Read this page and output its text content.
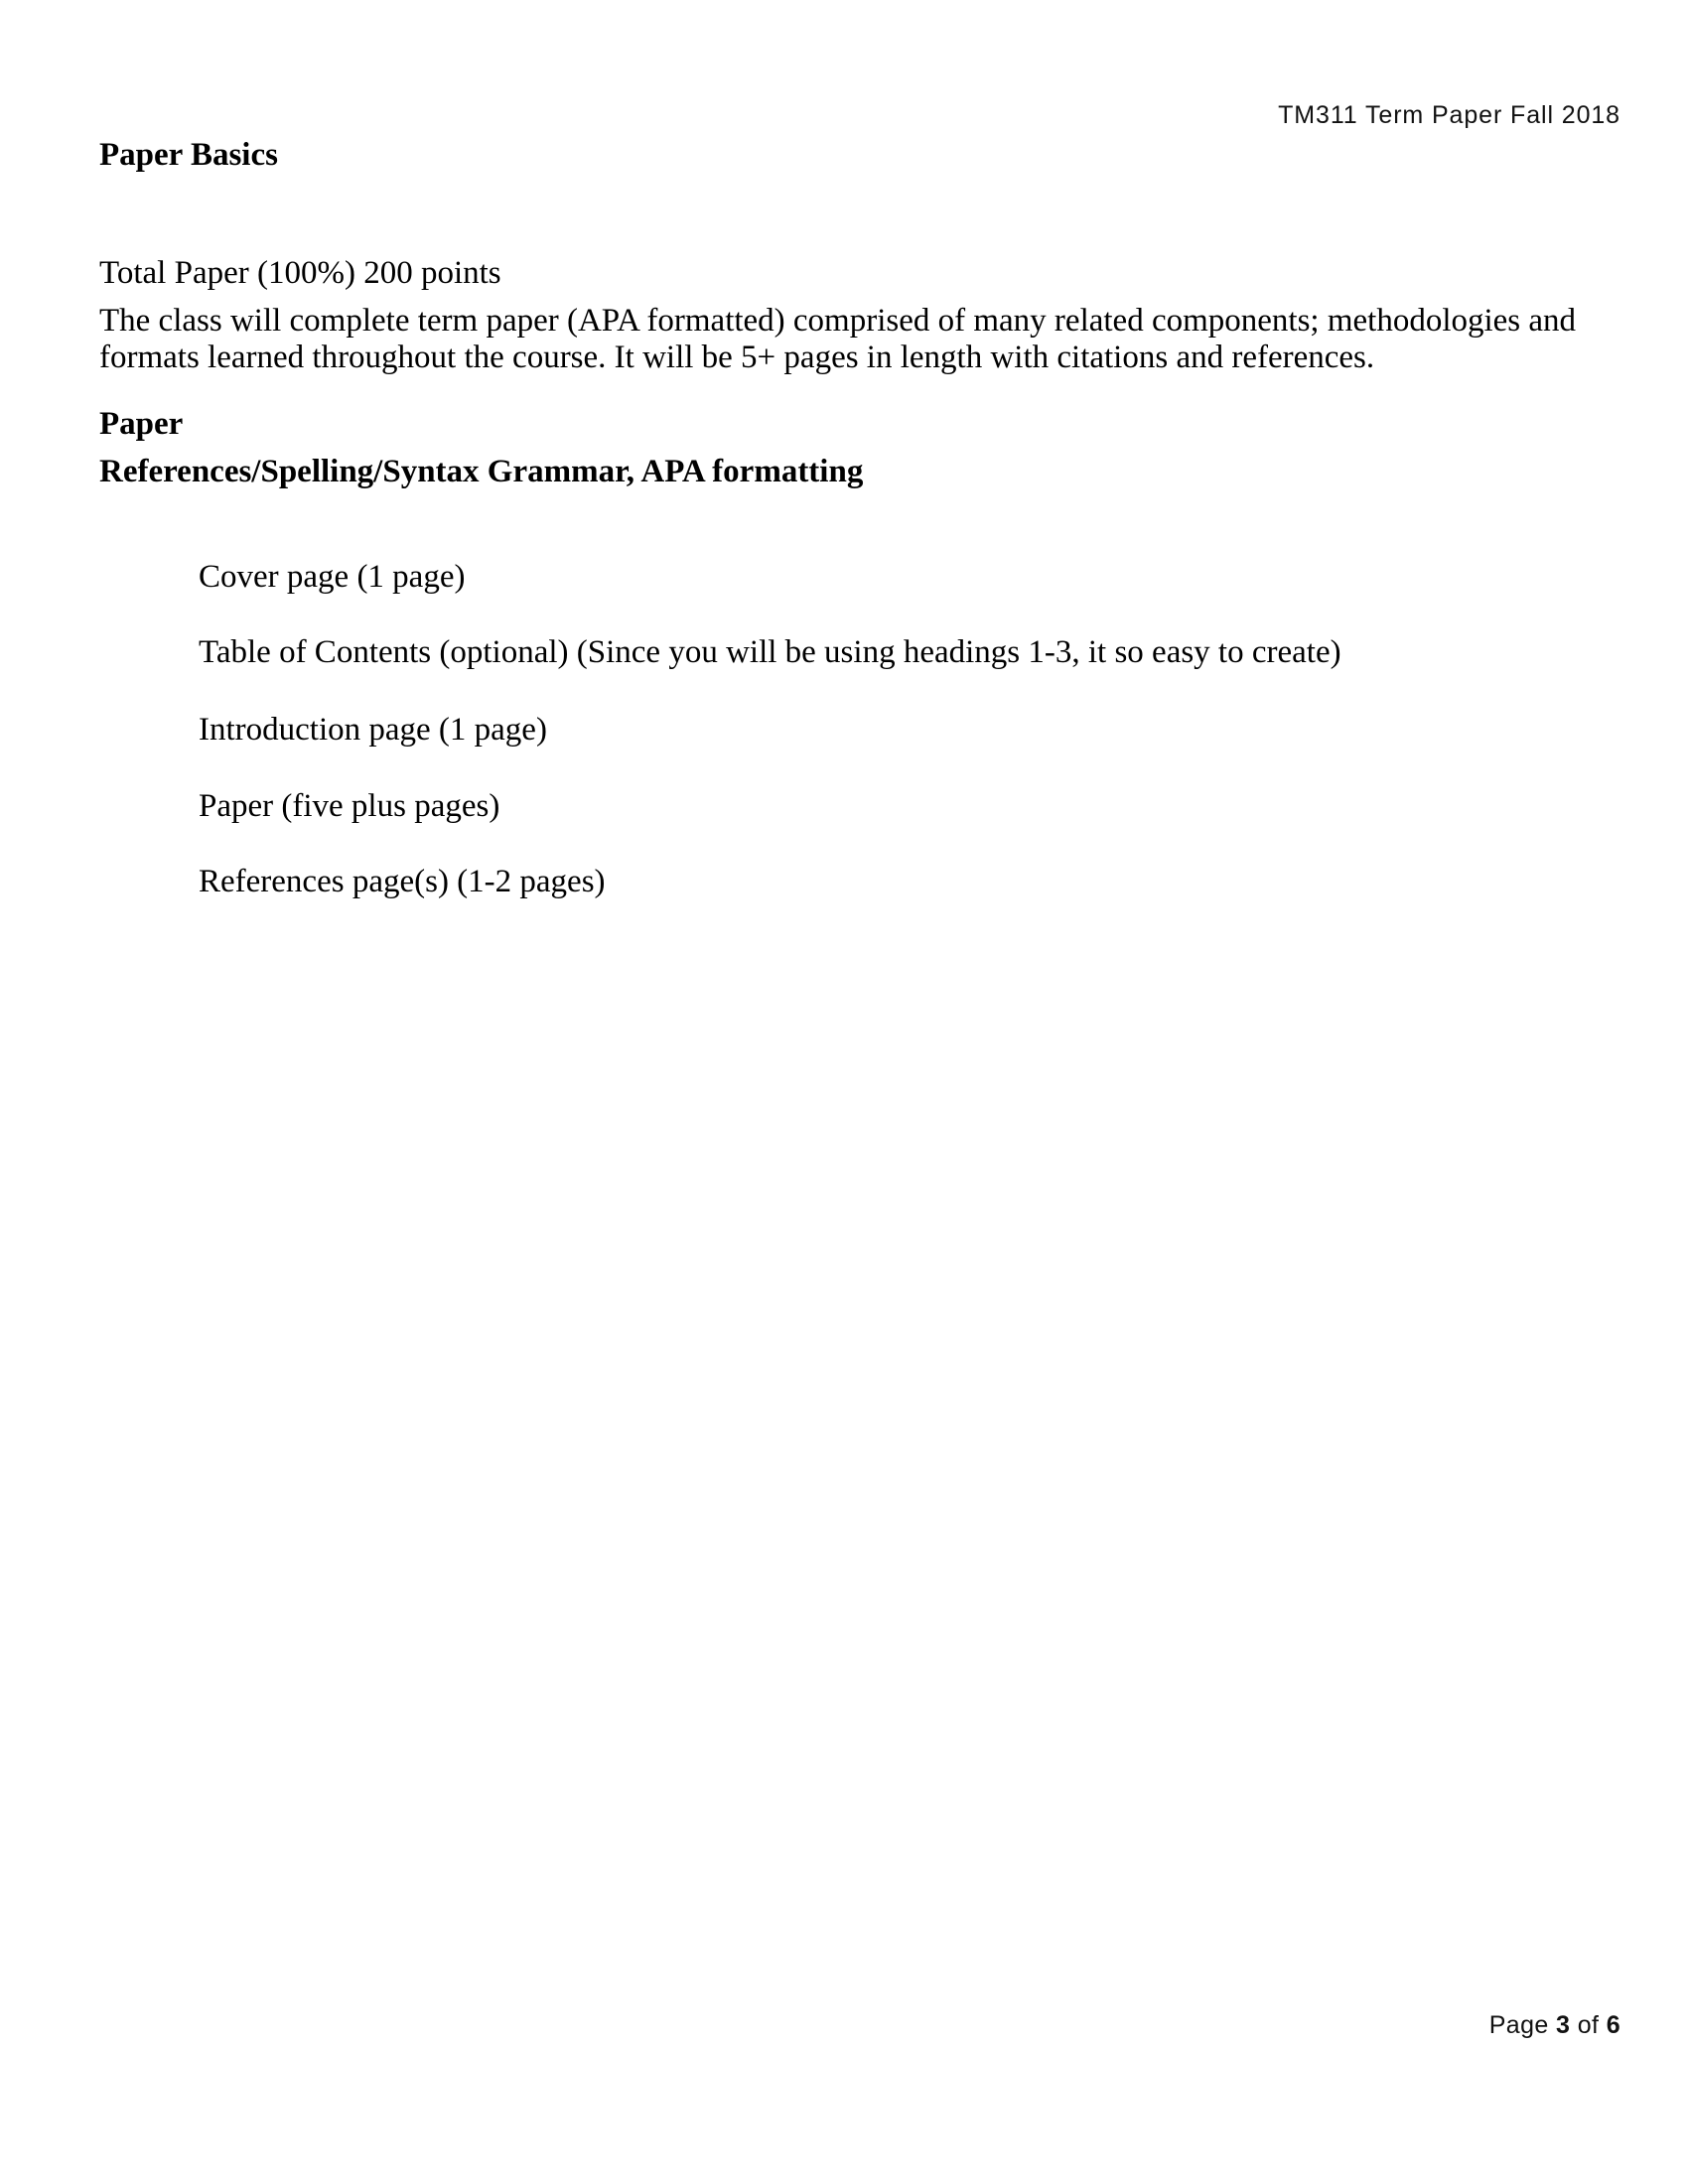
TM311 Term Paper Fall 2018
Paper Basics
Total Paper (100%) 200 points

The class will complete term paper (APA formatted) comprised of many related components; methodologies and
formats learned throughout the course. It will be 5+ pages in length with citations and references.

Paper
References/Spelling/Syntax Grammar, APA formatting
Cover page (1 page)
Table of Contents (optional) (Since you will be using headings 1-3, it so easy to create)
Introduction page (1 page)
Paper (five plus pages)
References page(s) (1-2 pages)
Page 3 of 6
